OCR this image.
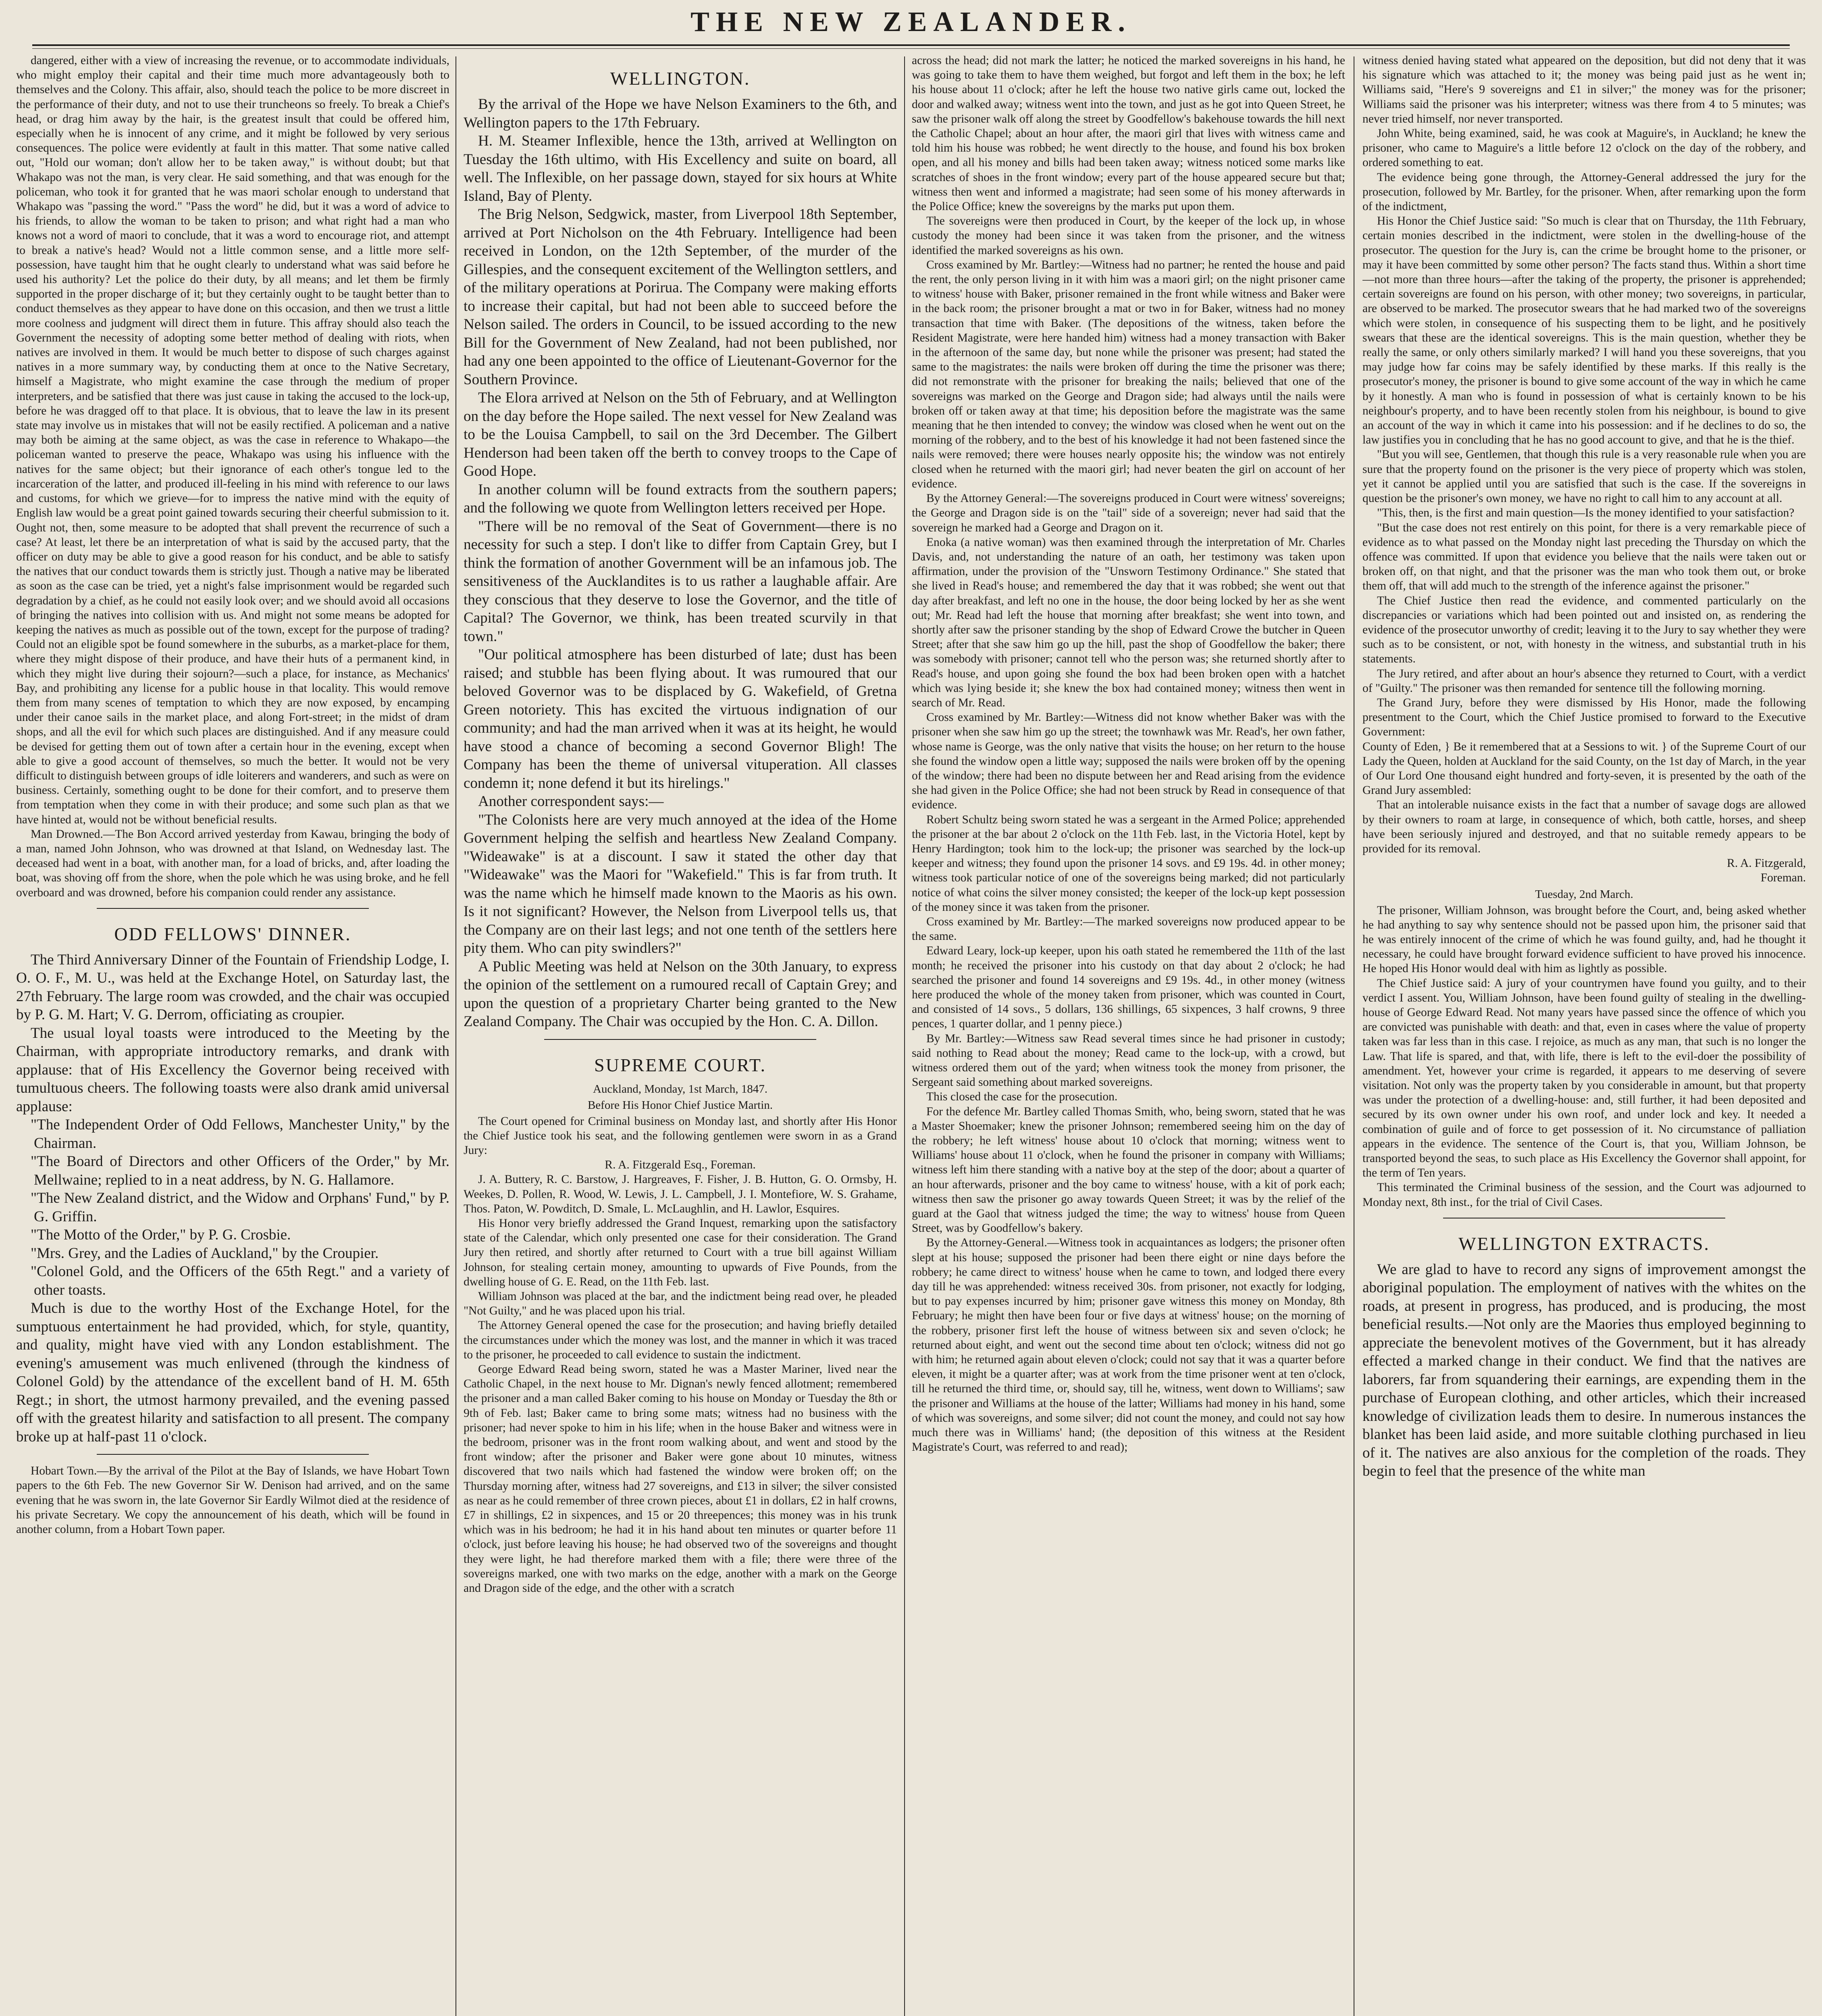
THE NEW ZEALANDER.

dangered, either with a view of increasing the revenue, or to accommodate individuals, who might employ their capital and their time much more advantageously both to themselves and the Colony. This affair, also, should teach the police to be more discreet in the performance of their duty, and not to use their truncheons so freely. To break a Chief's head, or drag him away by the hair, is the greatest insult that could be offered him, especially when he is innocent of any crime, and it might be followed by very serious consequences. The police were evidently at fault in this matter. That some native called out, "Hold our woman; don't allow her to be taken away," is without doubt; but that Whakapo was not the man, is very clear. He said something, and that was enough for the policeman, who took it for granted that he was maori scholar enough to understand that Whakapo was "passing the word." "Pass the word" he did, but it was a word of advice to his friends, to allow the woman to be taken to prison; and what right had a man who knows not a word of maori to conclude, that it was a word to encourage riot, and attempt to break a native's head? Would not a little common sense, and a little more self-possession, have taught him that he ought clearly to understand what was said before he used his authority? Let the police do their duty, by all means; and let them be firmly supported in the proper discharge of it; but they certainly ought to be taught better than to conduct themselves as they appear to have done on this occasion, and then we trust a little more coolness and judgment will direct them in future. This affray should also teach the Government the necessity of adopting some better method of dealing with riots, when natives are involved in them. It would be much better to dispose of such charges against natives in a more summary way, by conducting them at once to the Native Secretary, himself a Magistrate, who might examine the case through the medium of proper interpreters, and be satisfied that there was just cause in taking the accused to the lock-up, before he was dragged off to that place. It is obvious, that to leave the law in its present state may involve us in mistakes that will not be easily rectified. A policeman and a native may both be aiming at the same object, as was the case in reference to Whakapo—the policeman wanted to preserve the peace, Whakapo was using his influence with the natives for the same object; but their ignorance of each other's tongue led to the incarceration of the latter, and produced ill-feeling in his mind with reference to our laws and customs, for which we grieve—for to impress the native mind with the equity of English law would be a great point gained towards securing their cheerful submission to it. Ought not, then, some measure to be adopted that shall prevent the recurrence of such a case? At least, let there be an interpretation of what is said by the accused party, that the officer on duty may be able to give a good reason for his conduct, and be able to satisfy the natives that our conduct towards them is strictly just. Though a native may be liberated as soon as the case can be tried, yet a night's false imprisonment would be regarded such degradation by a chief, as he could not easily look over; and we should avoid all occasions of bringing the natives into collision with us. And might not some means be adopted for keeping the natives as much as possible out of the town, except for the purpose of trading? Could not an eligible spot be found somewhere in the suburbs, as a market-place for them, where they might dispose of their produce, and have their huts of a permanent kind, in which they might live during their sojourn?—such a place, for instance, as Mechanics' Bay, and prohibiting any license for a public house in that locality. This would remove them from many scenes of temptation to which they are now exposed, by encamping under their canoe sails in the market place, and along Fort-street; in the midst of dram shops, and all the evil for which such places are distinguished. And if any measure could be devised for getting them out of town after a certain hour in the evening, except when able to give a good account of themselves, so much the better. It would not be very difficult to distinguish between groups of idle loiterers and wanderers, and such as were on business. Certainly, something ought to be done for their comfort, and to preserve them from temptation when they come in with their produce; and some such plan as that we have hinted at, would not be without beneficial results.

Man Drowned.—The Bon Accord arrived yesterday from Kawau, bringing the body of a man, named John Johnson, who was drowned at that Island, on Wednesday last. The deceased had went in a boat, with another man, for a load of bricks, and, after loading the boat, was shoving off from the shore, when the pole which he was using broke, and he fell overboard and was drowned, before his companion could render any assistance.

ODD FELLOWS' DINNER.

The Third Anniversary Dinner of the Fountain of Friendship Lodge, I. O. O. F., M. U., was held at the Exchange Hotel, on Saturday last, the 27th February. The large room was crowded, and the chair was occupied by P. G. M. Hart; V. G. Derrom, officiating as croupier.

The usual loyal toasts were introduced to the Meeting by the Chairman, with appropriate introductory remarks, and drank with applause: that of His Excellency the Governor being received with tumultuous cheers. The following toasts were also drank amid universal applause:

"The Independent Order of Odd Fellows, Manchester Unity," by the Chairman.

"The Board of Directors and other Officers of the Order," by Mr. Mellwaine; replied to in a neat address, by N. G. Hallamore.

"The New Zealand district, and the Widow and Orphans' Fund," by P. G. Griffin.

"The Motto of the Order," by P. G. Crosbie.

"Mrs. Grey, and the Ladies of Auckland," by the Croupier.

"Colonel Gold, and the Officers of the 65th Regt." and a variety of other toasts.

Much is due to the worthy Host of the Exchange Hotel, for the sumptuous entertainment he had provided, which, for style, quantity, and quality, might have vied with any London establishment. The evening's amusement was much enlivened (through the kindness of Colonel Gold) by the attendance of the excellent band of H. M. 65th Regt.; in short, the utmost harmony prevailed, and the evening passed off with the greatest hilarity and satisfaction to all present. The company broke up at half-past 11 o'clock.

Hobart Town.—By the arrival of the Pilot at the Bay of Islands, we have Hobart Town papers to the 6th Feb. The new Governor Sir W. Denison had arrived, and on the same evening that he was sworn in, the late Governor Sir Eardly Wilmot died at the residence of his private Secretary. We copy the announcement of his death, which will be found in another column, from a Hobart Town paper.

WELLINGTON.

By the arrival of the Hope we have Nelson Examiners to the 6th, and Wellington papers to the 17th February.

H. M. Steamer Inflexible, hence the 13th, arrived at Wellington on Tuesday the 16th ultimo, with His Excellency and suite on board, all well. The Inflexible, on her passage down, stayed for six hours at White Island, Bay of Plenty.

The Brig Nelson, Sedgwick, master, from Liverpool 18th September, arrived at Port Nicholson on the 4th February. Intelligence had been received in London, on the 12th September, of the murder of the Gillespies, and the consequent excitement of the Wellington settlers, and of the military operations at Porirua. The Company were making efforts to increase their capital, but had not been able to succeed before the Nelson sailed. The orders in Council, to be issued according to the new Bill for the Government of New Zealand, had not been published, nor had any one been appointed to the office of Lieutenant-Governor for the Southern Province.

The Elora arrived at Nelson on the 5th of February, and at Wellington on the day before the Hope sailed. The next vessel for New Zealand was to be the Louisa Campbell, to sail on the 3rd December. The Gilbert Henderson had been taken off the berth to convey troops to the Cape of Good Hope.

In another column will be found extracts from the southern papers; and the following we quote from Wellington letters received per Hope.

"There will be no removal of the Seat of Government—there is no necessity for such a step. I don't like to differ from Captain Grey, but I think the formation of another Government will be an infamous job. The sensitiveness of the Aucklandites is to us rather a laughable affair. Are they conscious that they deserve to lose the Governor, and the title of Capital? The Governor, we think, has been treated scurvily in that town."

"Our political atmosphere has been disturbed of late; dust has been raised; and stubble has been flying about. It was rumoured that our beloved Governor was to be displaced by G. Wakefield, of Gretna Green notoriety. This has excited the virtuous indignation of our community; and had the man arrived when it was at its height, he would have stood a chance of becoming a second Governor Bligh! The Company has been the theme of universal vituperation. All classes condemn it; none defend it but its hirelings."

Another correspondent says:—

"The Colonists here are very much annoyed at the idea of the Home Government helping the selfish and heartless New Zealand Company. "Wideawake" is at a discount. I saw it stated the other day that "Wideawake" was the Maori for "Wakefield." This is far from truth. It was the name which he himself made known to the Maoris as his own. Is it not significant? However, the Nelson from Liverpool tells us, that the Company are on their last legs; and not one tenth of the settlers here pity them. Who can pity swindlers?"

A Public Meeting was held at Nelson on the 30th January, to express the opinion of the settlement on a rumoured recall of Captain Grey; and upon the question of a proprietary Charter being granted to the New Zealand Company. The Chair was occupied by the Hon. C. A. Dillon.

SUPREME COURT.
Auckland, Monday, 1st March, 1847.
Before His Honor Chief Justice Martin.

The Court opened for Criminal business on Monday last, and shortly after His Honor the Chief Justice took his seat, and the following gentlemen were sworn in as a Grand Jury:

R. A. Fitzgerald Esq., Foreman.

J. A. Buttery, R. C. Barstow, J. Hargreaves, F. Fisher, J. B. Hutton, G. O. Ormsby, H. Weekes, D. Pollen, R. Wood, W. Lewis, J. L. Campbell, J. I. Montefiore, W. S. Grahame, Thos. Paton, W. Powditch, D. Smale, L. McLaughlin, and H. Lawlor, Esquires.

His Honor very briefly addressed the Grand Inquest, remarking upon the satisfactory state of the Calendar, which only presented one case for their consideration. The Grand Jury then retired, and shortly after returned to Court with a true bill against William Johnson, for stealing certain money, amounting to upwards of Five Pounds, from the dwelling house of G. E. Read, on the 11th Feb. last.

William Johnson was placed at the bar, and the indictment being read over, he pleaded "Not Guilty," and he was placed upon his trial.

The Attorney General opened the case for the prosecution; and having briefly detailed the circumstances under which the money was lost, and the manner in which it was traced to the prisoner, he proceeded to call evidence to sustain the indictment.

George Edward Read being sworn, stated he was a Master Mariner, lived near the Catholic Chapel, in the next house to Mr. Dignan's newly fenced allotment; remembered the prisoner and a man called Baker coming to his house on Monday or Tuesday the 8th or 9th of Feb. last; Baker came to bring some mats; witness had no business with the prisoner; had never spoke to him in his life; when in the house Baker and witness were in the bedroom, prisoner was in the front room walking about, and went and stood by the front window; after the prisoner and Baker were gone about 10 minutes, witness discovered that two nails which had fastened the window were broken off; on the Thursday morning after, witness had 27 sovereigns, and £13 in silver; the silver consisted as near as he could remember of three crown pieces, about £1 in dollars, £2 in half crowns, £7 in shillings, £2 in sixpences, and 15 or 20 threepences; this money was in his trunk which was in his bedroom; he had it in his hand about ten minutes or quarter before 11 o'clock, just before leaving his house; he had observed two of the sovereigns and thought they were light, he had therefore marked them with a file; there were three of the sovereigns marked, one with two marks on the edge, another with a mark on the George and Dragon side of the edge, and the other with a scratch

across the head; did not mark the latter; he noticed the marked sovereigns in his hand, he was going to take them to have them weighed, but forgot and left them in the box; he left his house about 11 o'clock; after he left the house two native girls came out, locked the door and walked away; witness went into the town, and just as he got into Queen Street, he saw the prisoner walk off along the street by Goodfellow's bakehouse towards the hill next the Catholic Chapel; about an hour after, the maori girl that lives with witness came and told him his house was robbed; he went directly to the house, and found his box broken open, and all his money and bills had been taken away; witness noticed some marks like scratches of shoes in the front window; every part of the house appeared secure but that; witness then went and informed a magistrate; had seen some of his money afterwards in the Police Office; knew the sovereigns by the marks put upon them.

The sovereigns were then produced in Court, by the keeper of the lock up, in whose custody the money had been since it was taken from the prisoner, and the witness identified the marked sovereigns as his own.

Cross examined by Mr. Bartley:—Witness had no partner; he rented the house and paid the rent, the only person living in it with him was a maori girl; on the night prisoner came to witness' house with Baker, prisoner remained in the front while witness and Baker were in the back room; the prisoner brought a mat or two in for Baker, witness had no money transaction that time with Baker. (The depositions of the witness, taken before the Resident Magistrate, were here handed him) witness had a money transaction with Baker in the afternoon of the same day, but none while the prisoner was present; had stated the same to the magistrates: the nails were broken off during the time the prisoner was there; did not remonstrate with the prisoner for breaking the nails; believed that one of the sovereigns was marked on the George and Dragon side; had always until the nails were broken off or taken away at that time; his deposition before the magistrate was the same meaning that he then intended to convey; the window was closed when he went out on the morning of the robbery, and to the best of his knowledge it had not been fastened since the nails were removed; there were houses nearly opposite his; the window was not entirely closed when he returned with the maori girl; had never beaten the girl on account of her evidence.

By the Attorney General:—The sovereigns produced in Court were witness' sovereigns; the George and Dragon side is on the "tail" side of a sovereign; never had said that the sovereign he marked had a George and Dragon on it.

Enoka (a native woman) was then examined through the interpretation of Mr. Charles Davis, and, not understanding the nature of an oath, her testimony was taken upon affirmation, under the provision of the "Unsworn Testimony Ordinance." She stated that she lived in Read's house; and remembered the day that it was robbed; she went out that day after breakfast, and left no one in the house, the door being locked by her as she went out; Mr. Read had left the house that morning after breakfast; she went into town, and shortly after saw the prisoner standing by the shop of Edward Crowe the butcher in Queen Street; after that she saw him go up the hill, past the shop of Goodfellow the baker; there was somebody with prisoner; cannot tell who the person was; she returned shortly after to Read's house, and upon going she found the box had been broken open with a hatchet which was lying beside it; she knew the box had contained money; witness then went in search of Mr. Read.

Cross examined by Mr. Bartley:—Witness did not know whether Baker was with the prisoner when she saw him go up the street; the townhawk was Mr. Read's, her own father, whose name is George, was the only native that visits the house; on her return to the house she found the window open a little way; supposed the nails were broken off by the opening of the window; there had been no dispute between her and Read arising from the evidence she had given in the Police Office; she had not been struck by Read in consequence of that evidence.

Robert Schultz being sworn stated he was a sergeant in the Armed Police; apprehended the prisoner at the bar about 2 o'clock on the 11th Feb. last, in the Victoria Hotel, kept by Henry Hardington; took him to the lock-up; the prisoner was searched by the lock-up keeper and witness; they found upon the prisoner 14 sovs. and £9 19s. 4d. in other money; witness took particular notice of one of the sovereigns being marked; did not particularly notice of what coins the silver money consisted; the keeper of the lock-up kept possession of the money since it was taken from the prisoner.

Cross examined by Mr. Bartley:—The marked sovereigns now produced appear to be the same.

Edward Leary, lock-up keeper, upon his oath stated he remembered the 11th of the last month; he received the prisoner into his custody on that day about 2 o'clock; he had searched the prisoner and found 14 sovereigns and £9 19s. 4d., in other money (witness here produced the whole of the money taken from prisoner, which was counted in Court, and consisted of 14 sovs., 5 dollars, 136 shillings, 65 sixpences, 3 half crowns, 9 three pences, 1 quarter dollar, and 1 penny piece.)

By Mr. Bartley:—Witness saw Read several times since he had prisoner in custody; said nothing to Read about the money; Read came to the lock-up, with a crowd, but witness ordered them out of the yard; when witness took the money from prisoner, the Sergeant said something about marked sovereigns.

This closed the case for the prosecution.

For the defence Mr. Bartley called Thomas Smith, who, being sworn, stated that he was a Master Shoemaker; knew the prisoner Johnson; remembered seeing him on the day of the robbery; he left witness' house about 10 o'clock that morning; witness went to Williams' house about 11 o'clock, when he found the prisoner in company with Williams; witness left him there standing with a native boy at the step of the door; about a quarter of an hour afterwards, prisoner and the boy came to witness' house, with a kit of pork each; witness then saw the prisoner go away towards Queen Street; it was by the relief of the guard at the Gaol that witness judged the time; the way to witness' house from Queen Street, was by Goodfellow's bakery.

By the Attorney-General.—Witness took in acquaintances as lodgers; the prisoner often slept at his house; supposed the prisoner had been there eight or nine days before the robbery; he came direct to witness' house when he came to town, and lodged there every day till he was apprehended: witness received 30s. from prisoner, not exactly for lodging, but to pay expenses incurred by him; prisoner gave witness this money on Monday, 8th February; he might then have been four or five days at witness' house; on the morning of the robbery, prisoner first left the house of witness between six and seven o'clock; he returned about eight, and went out the second time about ten o'clock; witness did not go with him; he returned again about eleven o'clock; could not say that it was a quarter before eleven, it might be a quarter after; was at work from the time prisoner went at ten o'clock, till he returned the third time, or, should say, till he, witness, went down to Williams'; saw the prisoner and Williams at the house of the latter; Williams had money in his hand, some of which was sovereigns, and some silver; did not count the money, and could not say how much there was in Williams' hand; (the deposition of this witness at the Resident Magistrate's Court, was referred to and read);

witness denied having stated what appeared on the deposition, but did not deny that it was his signature which was attached to it; the money was being paid just as he went in; Williams said, "Here's 9 sovereigns and £1 in silver;" the money was for the prisoner; Williams said the prisoner was his interpreter; witness was there from 4 to 5 minutes; was never tried himself, nor never transported.

John White, being examined, said, he was cook at Maguire's, in Auckland; he knew the prisoner, who came to Maguire's a little before 12 o'clock on the day of the robbery, and ordered something to eat.

The evidence being gone through, the Attorney-General addressed the jury for the prosecution, followed by Mr. Bartley, for the prisoner. When, after remarking upon the form of the indictment,

His Honor the Chief Justice said: "So much is clear that on Thursday, the 11th February, certain monies described in the indictment, were stolen in the dwelling-house of the prosecutor. The question for the Jury is, can the crime be brought home to the prisoner, or may it have been committed by some other person? The facts stand thus. Within a short time—not more than three hours—after the taking of the property, the prisoner is apprehended; certain sovereigns are found on his person, with other money; two sovereigns, in particular, are observed to be marked. The prosecutor swears that he had marked two of the sovereigns which were stolen, in consequence of his suspecting them to be light, and he positively swears that these are the identical sovereigns. This is the main question, whether they be really the same, or only others similarly marked? I will hand you these sovereigns, that you may judge how far coins may be safely identified by these marks. If this really is the prosecutor's money, the prisoner is bound to give some account of the way in which he came by it honestly. A man who is found in possession of what is certainly known to be his neighbour's property, and to have been recently stolen from his neighbour, is bound to give an account of the way in which it came into his possession: and if he declines to do so, the law justifies you in concluding that he has no good account to give, and that he is the thief.

"But you will see, Gentlemen, that though this rule is a very reasonable rule when you are sure that the property found on the prisoner is the very piece of property which was stolen, yet it cannot be applied until you are satisfied that such is the case. If the sovereigns in question be the prisoner's own money, we have no right to call him to any account at all.

"This, then, is the first and main question—Is the money identified to your satisfaction?

"But the case does not rest entirely on this point, for there is a very remarkable piece of evidence as to what passed on the Monday night last preceding the Thursday on which the offence was committed. If upon that evidence you believe that the nails were taken out or broken off, on that night, and that the prisoner was the man who took them out, or broke them off, that will add much to the strength of the inference against the prisoner."

The Chief Justice then read the evidence, and commented particularly on the discrepancies or variations which had been pointed out and insisted on, as rendering the evidence of the prosecutor unworthy of credit; leaving it to the Jury to say whether they were such as to be consistent, or not, with honesty in the witness, and substantial truth in his statements.

The Jury retired, and after about an hour's absence they returned to Court, with a verdict of "Guilty." The prisoner was then remanded for sentence till the following morning.

The Grand Jury, before they were dismissed by His Honor, made the following presentment to the Court, which the Chief Justice promised to forward to the Executive Government:

County of Eden, } Be it remembered that at a Sessions to wit. } of the Supreme Court of our Lady the Queen, holden at Auckland for the said County, on the 1st day of March, in the year of Our Lord One thousand eight hundred and forty-seven, it is presented by the oath of the Grand Jury assembled:

That an intolerable nuisance exists in the fact that a number of savage dogs are allowed by their owners to roam at large, in consequence of which, both cattle, horses, and sheep have been seriously injured and destroyed, and that no suitable remedy appears to be provided for its removal.

R. A. Fitzgerald,

Foreman.

Tuesday, 2nd March.

The prisoner, William Johnson, was brought before the Court, and, being asked whether he had anything to say why sentence should not be passed upon him, the prisoner said that he was entirely innocent of the crime of which he was found guilty, and, had he thought it necessary, he could have brought forward evidence sufficient to have proved his innocence. He hoped His Honor would deal with him as lightly as possible.

The Chief Justice said: A jury of your countrymen have found you guilty, and to their verdict I assent. You, William Johnson, have been found guilty of stealing in the dwelling-house of George Edward Read. Not many years have passed since the offence of which you are convicted was punishable with death: and that, even in cases where the value of property taken was far less than in this case. I rejoice, as much as any man, that such is no longer the Law. That life is spared, and that, with life, there is left to the evil-doer the possibility of amendment. Yet, however your crime is regarded, it appears to me deserving of severe visitation. Not only was the property taken by you considerable in amount, but that property was under the protection of a dwelling-house: and, still further, it had been deposited and secured by its own owner under his own roof, and under lock and key. It needed a combination of guile and of force to get possession of it. No circumstance of palliation appears in the evidence. The sentence of the Court is, that you, William Johnson, be transported beyond the seas, to such place as His Excellency the Governor shall appoint, for the term of Ten years.

This terminated the Criminal business of the session, and the Court was adjourned to Monday next, 8th inst., for the trial of Civil Cases.

WELLINGTON EXTRACTS.

We are glad to have to record any signs of improvement amongst the aboriginal population. The employment of natives with the whites on the roads, at present in progress, has produced, and is producing, the most beneficial results.—Not only are the Maories thus employed beginning to appreciate the benevolent motives of the Government, but it has already effected a marked change in their conduct. We find that the natives are laborers, far from squandering their earnings, are expending them in the purchase of European clothing, and other articles, which their increased knowledge of civilization leads them to desire. In numerous instances the blanket has been laid aside, and more suitable clothing purchased in lieu of it. The natives are also anxious for the completion of the roads. They begin to feel that the presence of the white man
